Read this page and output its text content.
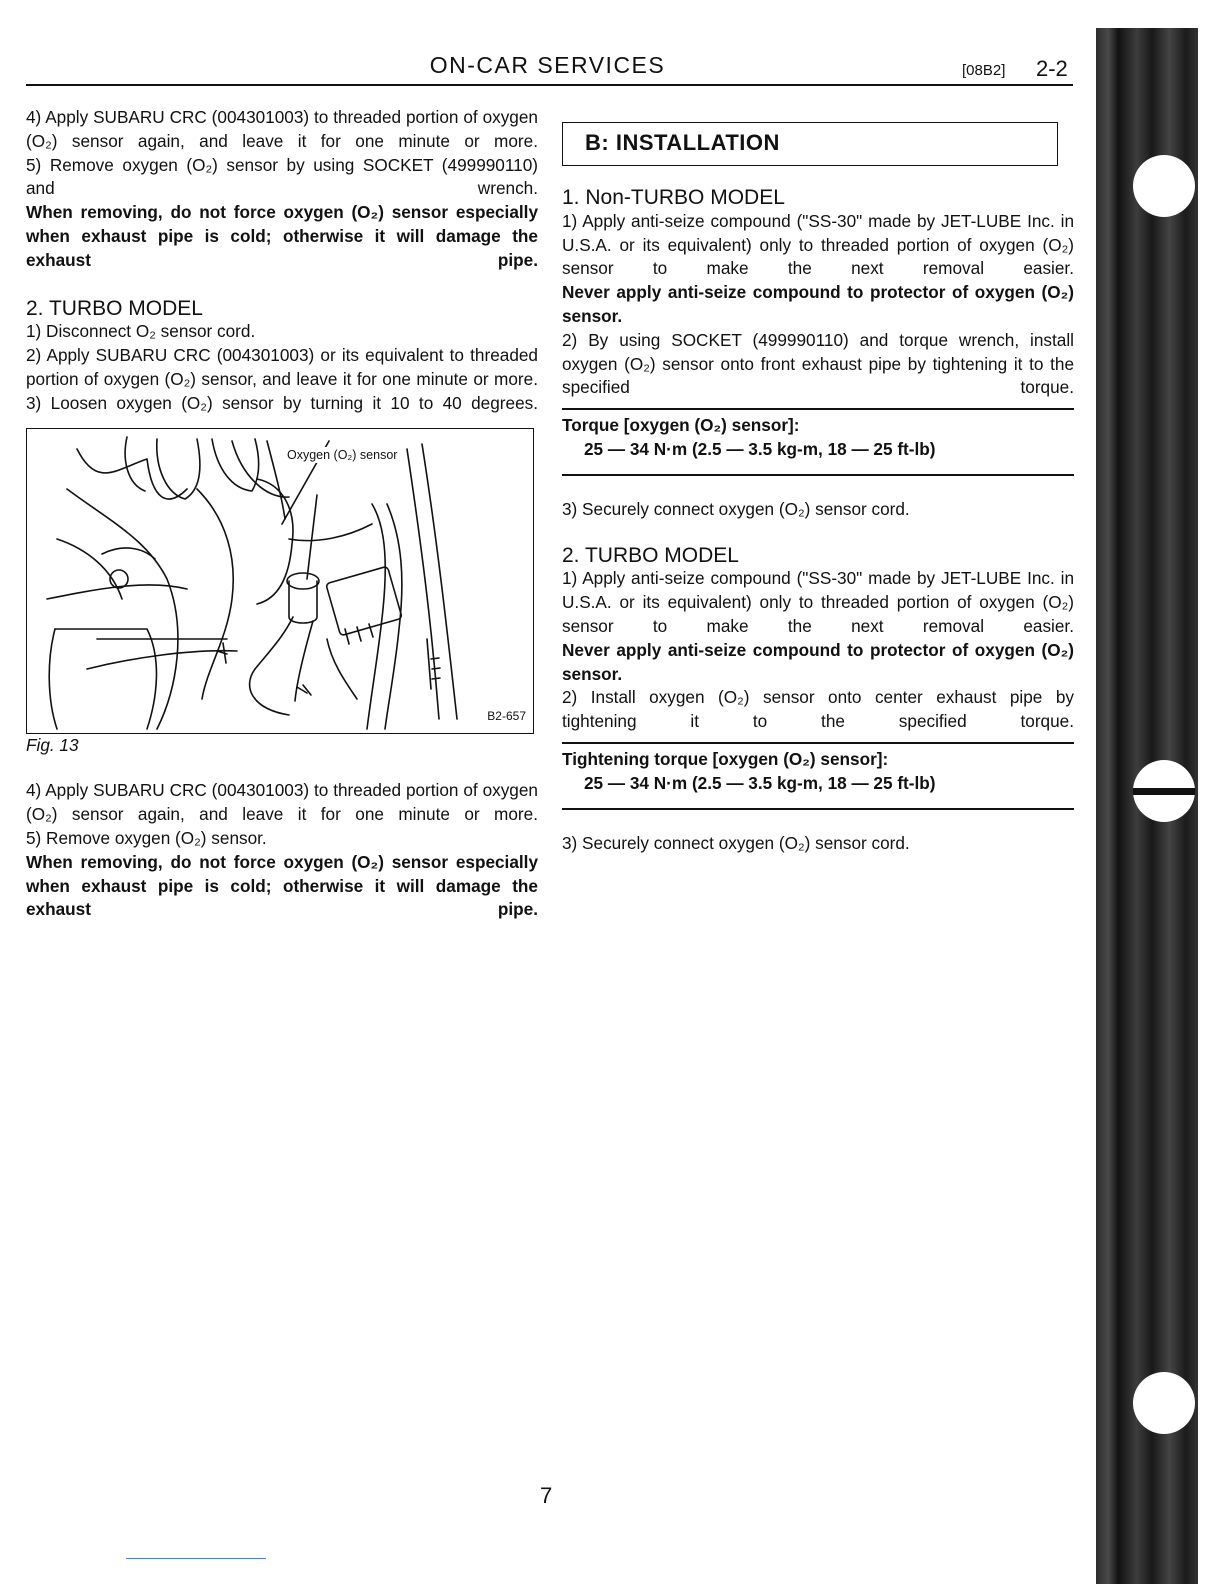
ON-CAR SERVICES	[08B2] 2-2

4) Apply SUBARU CRC (004301003) to threaded portion of oxygen (O₂) sensor again, and leave it for one minute or more.

5) Remove oxygen (O₂) sensor by using SOCKET (499990110) and wrench.

When removing, do not force oxygen (O₂) sensor especially when exhaust pipe is cold; otherwise it will damage the exhaust pipe.

2. TURBO MODEL

1) Disconnect O₂ sensor cord.

2) Apply SUBARU CRC (004301003) or its equivalent to threaded portion of oxygen (O₂) sensor, and leave it for one minute or more.

3) Loosen oxygen (O₂) sensor by turning it 10 to 40 degrees.

Oxygen (O₂) sensor
B2-657

Fig. 13

4) Apply SUBARU CRC (004301003) to threaded portion of oxygen (O₂) sensor again, and leave it for one minute or more.

5) Remove oxygen (O₂) sensor.

When removing, do not force oxygen (O₂) sensor especially when exhaust pipe is cold; otherwise it will damage the exhaust pipe.

B: INSTALLATION

1. Non-TURBO MODEL

1) Apply anti-seize compound ("SS-30" made by JET-LUBE Inc. in U.S.A. or its equivalent) only to threaded portion of oxygen (O₂) sensor to make the next removal easier.

Never apply anti-seize compound to protector of oxygen (O₂) sensor.

2) By using SOCKET (499990110) and torque wrench, install oxygen (O₂) sensor onto front exhaust pipe by tightening it to the specified torque.

Torque [oxygen (O₂) sensor]:

25 — 34 N·m (2.5 — 3.5 kg-m, 18 — 25 ft-lb)

3) Securely connect oxygen (O₂) sensor cord.

2. TURBO MODEL

1) Apply anti-seize compound ("SS-30" made by JET-LUBE Inc. in U.S.A. or its equivalent) only to threaded portion of oxygen (O₂) sensor to make the next removal easier.

Never apply anti-seize compound to protector of oxygen (O₂) sensor.

2) Install oxygen (O₂) sensor onto center exhaust pipe by tightening it to the specified torque.

Tightening torque [oxygen (O₂) sensor]:

25 — 34 N·m (2.5 — 3.5 kg-m, 18 — 25 ft-lb)

3) Securely connect oxygen (O₂) sensor cord.

7
